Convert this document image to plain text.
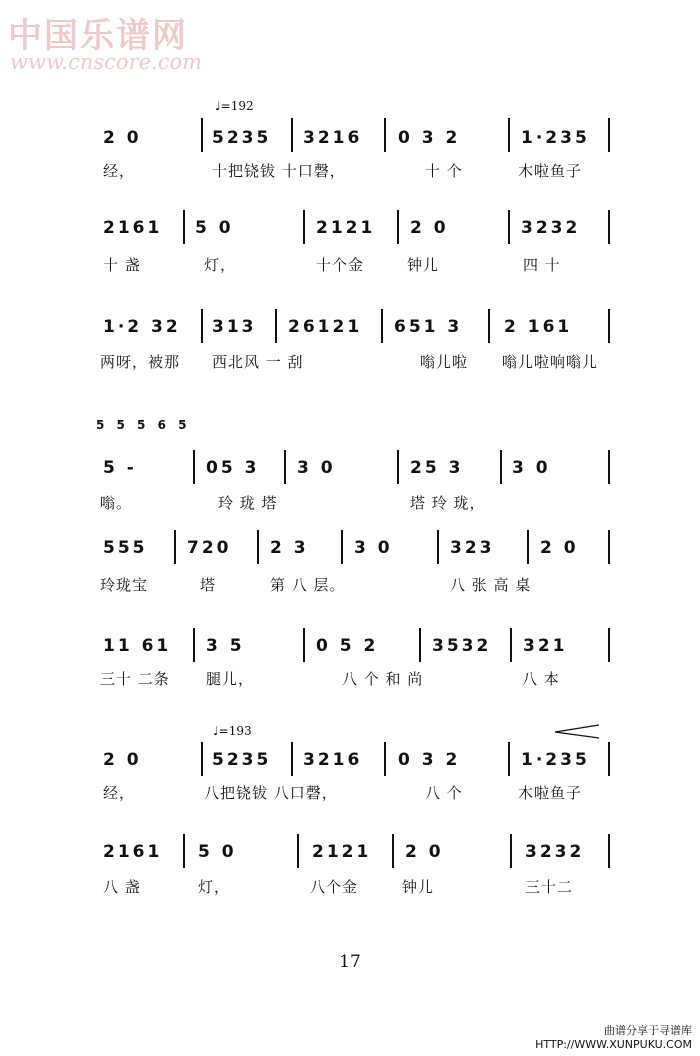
中国乐谱网
www.cnscore.com
♩=192
2 0	5235 3216 0 3 2	1·235
经，	十把铙钹 十口磬，	十 个	木啦鱼子
2161 5 0	2121 2 0	3232
十 盏	灯，	十个金	钟儿	四 十
1·2 32 313 26121 651 3 2 161
两呀，被那 西北风 一 刮	嗡儿啦 嗡儿啦响嗡儿
5 5 5 6 5
5 -	05 3 3 0	25 3	3 0
嗡。	玲 珑 塔	塔 玲 珑，
555 720 2 3	3 0	323	2 0
玲珑宝	塔	第 八 层。	八 张 高 桌
11 61 3 5	0 5 2	3532 321
三十 二条 腿儿，	八 个 和 尚	八 本
♩=193
2 0	5235 3216 0 3 2	1·235
经，	八把铙钹 八口磬，	八 个	木啦鱼子
2161 5 0	2121 2 0	3232
八 盏	灯，	八个金	钟儿	三十二
17
曲谱分享于寻谱库
HTTP://WWW.XUNPUKU.COM
